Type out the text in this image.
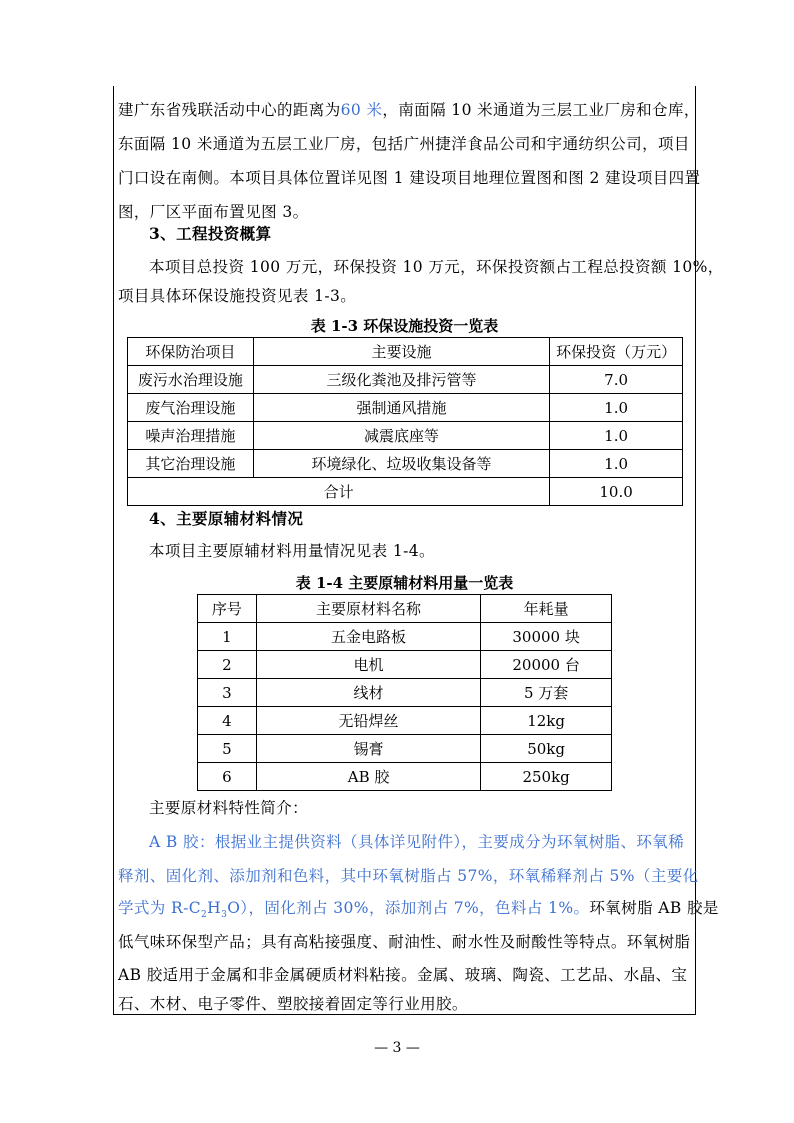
建广东省残联活动中心的距离为60 米，南面隔 10 米通道为三层工业厂房和仓库，
东面隔 10 米通道为五层工业厂房，包括广州捷洋食品公司和宇通纺织公司，项目
门口设在南侧。本项目具体位置详见图 1 建设项目地理位置图和图 2 建设项目四置
图，厂区平面布置见图 3。
3、工程投资概算
本项目总投资 100 万元，环保投资 10 万元，环保投资额占工程总投资额 10%，
项目具体环保设施投资见表 1-3。
表 1-3 环保设施投资一览表
环保防治项目	主要设施	环保投资（万元）
废污水治理设施	三级化粪池及排污管等	7.0
废气治理设施	强制通风措施	1.0
噪声治理措施	减震底座等	1.0
其它治理设施	环境绿化、垃圾收集设备等	1.0
合计		10.0
4、主要原辅材料情况
本项目主要原辅材料用量情况见表 1-4。
表 1-4 主要原辅材料用量一览表
序号	主要原材料名称	年耗量
1	五金电路板	30000 块
2	电机	20000 台
3	线材	5 万套
4	无铅焊丝	12kg
5	锡膏	50kg
6	AB 胶	250kg
主要原材料特性简介：
A B 胶：根据业主提供资料（具体详见附件），主要成分为环氧树脂、环氧稀
释剂、固化剂、添加剂和色料，其中环氧树脂占 57%，环氧稀释剂占 5%（主要化
学式为 $R-C_2H_3O$），固化剂占 30%，添加剂占 7%，色料占 1%。环氧树脂 AB 胶是
低气味环保型产品；具有高粘接强度、耐油性、耐水性及耐酸性等特点。环氧树脂
AB 胶适用于金属和非金属硬质材料粘接。金属、玻璃、陶瓷、工艺品、水晶、宝
石、木材、电子零件、塑胶接着固定等行业用胶。
— 3 —
